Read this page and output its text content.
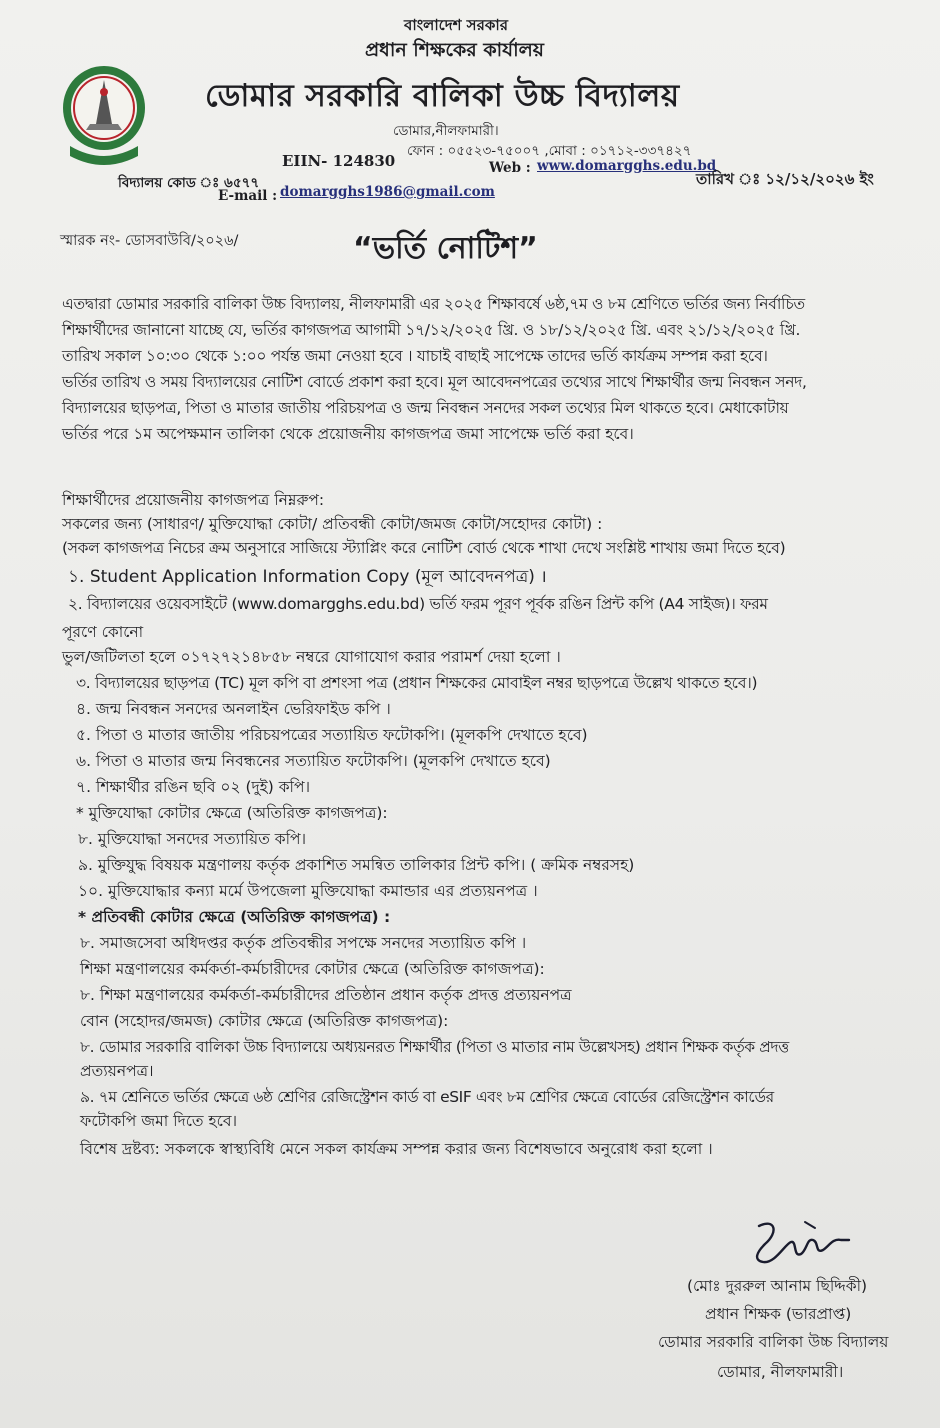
বাংলাদেশ সরকার
প্রধান শিক্ষকের কার্যালয়
ডোমার সরকারি বালিকা উচ্চ বিদ্যালয়
ডোমার,নীলফামারী।
ফোন : ০৫৫২৩-৭৫০০৭ ,মোবা : ০১৭১২-৩৩৭৪২৭
বিদ্যালয় কোড ঃ ৬৫৭৭
EIIN- 124830	Web : www.domargghs.edu.bd
E-mail : domargghs1986@gmail.com
তারিখ ঃ ১২/১২/২০২৬ ইং
স্মারক নং- ডোসবাউবি/২০২৬/	“ভর্তি নোটিশ”
এতদ্বারা ডোমার সরকারি বালিকা উচ্চ বিদ্যালয়, নীলফামারী এর ২০২৫ শিক্ষাবর্ষে ৬ষ্ঠ,৭ম ও ৮ম শ্রেণিতে ভর্তির জন্য নির্বাচিত
শিক্ষার্থীদের জানানো যাচ্ছে যে, ভর্তির কাগজপত্র আগামী ১৭/১২/২০২৫ খ্রি. ও ১৮/১২/২০২৫ খ্রি. এবং ২১/১২/২০২৫ খ্রি.
তারিখ সকাল ১০:৩০ থেকে ১:০০ পর্যন্ত জমা নেওয়া হবে । যাচাই বাছাই সাপেক্ষে তাদের ভর্তি কার্যক্রম সম্পন্ন করা হবে।
ভর্তির তারিখ ও সময় বিদ্যালয়ের নোটিশ বোর্ডে প্রকাশ করা হবে। মূল আবেদনপত্রের তথ্যের সাথে শিক্ষার্থীর জন্ম নিবন্ধন সনদ,
বিদ্যালয়ের ছাড়পত্র, পিতা ও মাতার জাতীয় পরিচয়পত্র ও জন্ম নিবন্ধন সনদের সকল তথ্যের মিল থাকতে হবে। মেধাকোটায়
ভর্তির পরে ১ম অপেক্ষমান তালিকা থেকে প্রয়োজনীয় কাগজপত্র জমা সাপেক্ষে ভর্তি করা হবে।
শিক্ষার্থীদের প্রয়োজনীয় কাগজপত্র নিম্নরুপ:
সকলের জন্য (সাধারণ/ মুক্তিযোদ্ধা কোটা/ প্রতিবন্ধী কোটা/জমজ কোটা/সহোদর কোটা) :
(সকল কাগজপত্র নিচের ক্রম অনুসারে সাজিয়ে স্ট্যাপ্লিং করে নোটিশ বোর্ড থেকে শাখা দেখে সংশ্লিষ্ট শাখায় জমা দিতে হবে)
১. Student Application Information Copy (মূল আবেদনপত্র) ।
২. বিদ্যালয়ের ওয়েবসাইটে (www.domargghs.edu.bd) ভর্তি ফরম পূরণ পূর্বক রঙিন প্রিন্ট কপি (A4 সাইজ)। ফরম
পূরণে কোনো
ভুল/জটিলতা হলে ০১৭২৭২১৪৮৫৮ নম্বরে যোগাযোগ করার পরামর্শ দেয়া হলো ।
৩. বিদ্যালয়ের ছাড়পত্র (TC) মূল কপি বা প্রশংসা পত্র (প্রধান শিক্ষকের মোবাইল নম্বর ছাড়পত্রে উল্লেখ থাকতে হবে।)
৪. জন্ম নিবন্ধন সনদের অনলাইন ভেরিফাইড কপি ।
৫. পিতা ও মাতার জাতীয় পরিচয়পত্রের সত্যায়িত ফটোকপি। (মূলকপি দেখাতে হবে)
৬. পিতা ও মাতার জন্ম নিবন্ধনের সত্যায়িত ফটোকপি। (মূলকপি দেখাতে হবে)
৭. শিক্ষার্থীর রঙিন ছবি ০২ (দুই) কপি।
* মুক্তিযোদ্ধা কোটার ক্ষেত্রে (অতিরিক্ত কাগজপত্র):
৮. মুক্তিযোদ্ধা সনদের সত্যায়িত কপি।
৯. মুক্তিযুদ্ধ বিষয়ক মন্ত্রণালয় কর্তৃক প্রকাশিত সমন্বিত তালিকার প্রিন্ট কপি। ( ক্রমিক নম্বরসহ)
১০. মুক্তিযোদ্ধার কন্যা মর্মে উপজেলা মুক্তিযোদ্ধা কমান্ডার এর প্রত্যয়নপত্র ।
* প্রতিবন্ধী কোটার ক্ষেত্রে (অতিরিক্ত কাগজপত্র) :
৮. সমাজসেবা অধিদপ্তর কর্তৃক প্রতিবন্ধীর সপক্ষে সনদের সত্যায়িত কপি ।
শিক্ষা মন্ত্রণালয়ের কর্মকর্তা-কর্মচারীদের কোটার ক্ষেত্রে (অতিরিক্ত কাগজপত্র):
৮. শিক্ষা মন্ত্রণালয়ের কর্মকর্তা-কর্মচারীদের প্রতিষ্ঠান প্রধান কর্তৃক প্রদত্ত প্রত্যয়নপত্র
বোন (সহোদর/জমজ) কোটার ক্ষেত্রে (অতিরিক্ত কাগজপত্র):
৮. ডোমার সরকারি বালিকা উচ্চ বিদ্যালয়ে অধ্যয়নরত শিক্ষার্থীর (পিতা ও মাতার নাম উল্লেখসহ) প্রধান শিক্ষক কর্তৃক প্রদত্ত
প্রত্যয়নপত্র।
৯. ৭ম শ্রেনিতে ভর্তির ক্ষেত্রে ৬ষ্ঠ শ্রেণির রেজিস্ট্রেশন কার্ড বা eSIF এবং ৮ম শ্রেণির ক্ষেত্রে বোর্ডের রেজিস্ট্রেশন কার্ডের
ফটোকপি জমা দিতে হবে।
বিশেষ দ্রষ্টব্য: সকলকে স্বাস্থ্যবিধি মেনে সকল কার্যক্রম সম্পন্ন করার জন্য বিশেষভাবে অনুরোধ করা হলো ।
(মোঃ দুররুল আনাম ছিদ্দিকী)
প্রধান শিক্ষক (ভারপ্রাপ্ত)
ডোমার সরকারি বালিকা উচ্চ বিদ্যালয়
ডোমার, নীলফামারী।
